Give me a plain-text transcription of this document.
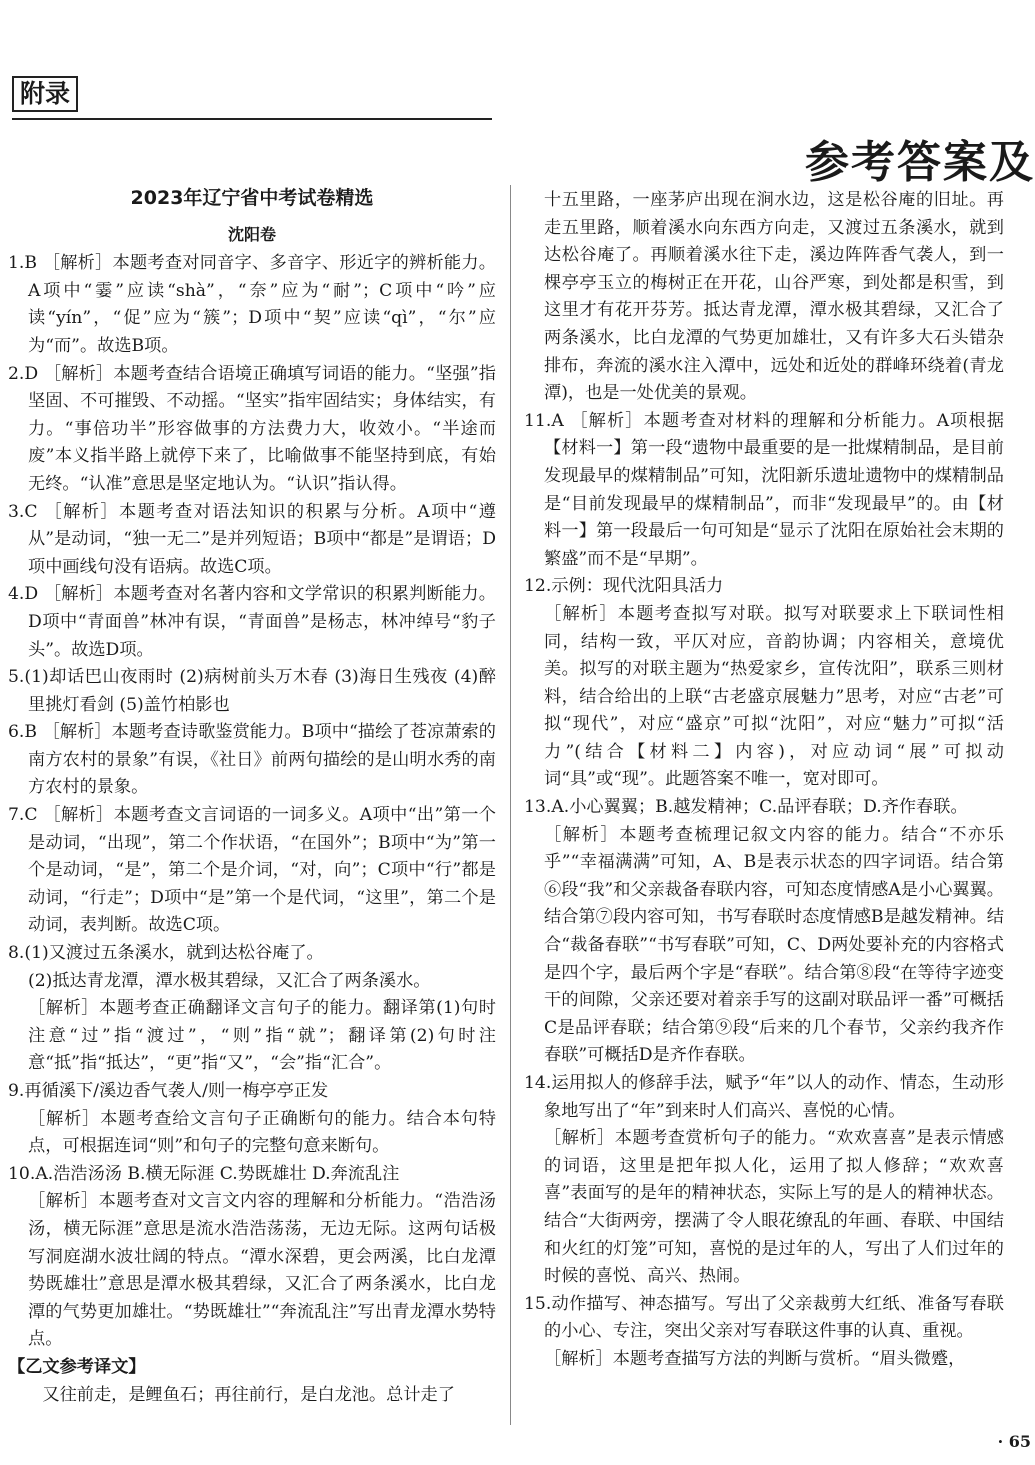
附录
参考答案及
2023年辽宁省中考试卷精选
沈阳卷

1.B ［解析］本题考查对同音字、多音字、形近字的辨析能力。A项中“霎”应读“shà”，“奈”应为“耐”；C项中“吟”应读“yín”，“促”应为“簇”；D项中“契”应读“qì”，“尔”应为“而”。故选B项。

2.D ［解析］本题考查结合语境正确填写词语的能力。“坚强”指坚固、不可摧毁、不动摇。“坚实”指牢固结实；身体结实，有力。“事倍功半”形容做事的方法费力大，收效小。“半途而废”本义指半路上就停下来了，比喻做事不能坚持到底，有始无终。“认准”意思是坚定地认为。“认识”指认得。

3.C ［解析］本题考查对语法知识的积累与分析。A项中“遵从”是动词，“独一无二”是并列短语；B项中“都是”是谓语；D项中画线句没有语病。故选C项。

4.D ［解析］本题考查对名著内容和文学常识的积累判断能力。D项中“青面兽”林冲有误，“青面兽”是杨志，林冲绰号“豹子头”。故选D项。

5.(1)却话巴山夜雨时 (2)病树前头万木春 (3)海日生残夜 (4)醉里挑灯看剑 (5)盖竹柏影也

6.B ［解析］本题考查诗歌鉴赏能力。B项中“描绘了苍凉萧索的南方农村的景象”有误，《社日》前两句描绘的是山明水秀的南方农村的景象。

7.C ［解析］本题考查文言词语的一词多义。A项中“出”第一个是动词，“出现”，第二个作状语，“在国外”；B项中“为”第一个是动词，“是”，第二个是介词，“对，向”；C项中“行”都是动词，“行走”；D项中“是”第一个是代词，“这里”，第二个是动词，表判断。故选C项。

8.(1)又渡过五条溪水，就到达松谷庵了。

(2)抵达青龙潭，潭水极其碧绿，又汇合了两条溪水。

［解析］本题考查正确翻译文言句子的能力。翻译第(1)句时注意“过”指“渡过”，“则”指“就”；翻译第(2)句时注意“抵”指“抵达”，“更”指“又”，“会”指“汇合”。

9.再循溪下/溪边香气袭人/则一梅亭亭正发

［解析］本题考查给文言句子正确断句的能力。结合本句特点，可根据连词“则”和句子的完整句意来断句。

10.A.浩浩汤汤 B.横无际涯 C.势既雄壮 D.奔流乱注

［解析］本题考查对文言文内容的理解和分析能力。“浩浩汤汤，横无际涯”意思是流水浩浩荡荡，无边无际。这两句话极写洞庭湖水波壮阔的特点。“潭水深碧，更会两溪，比白龙潭势既雄壮”意思是潭水极其碧绿，又汇合了两条溪水，比白龙潭的气势更加雄壮。“势既雄壮”“奔流乱注”写出青龙潭水势特点。

【乙文参考译文】

又往前走，是鲤鱼石；再往前行，是白龙池。总计走了

十五里路，一座茅庐出现在涧水边，这是松谷庵的旧址。再走五里路，顺着溪水向东西方向走，又渡过五条溪水，就到达松谷庵了。再顺着溪水往下走，溪边阵阵香气袭人，到一棵亭亭玉立的梅树正在开花，山谷严寒，到处都是积雪，到这里才有花开芬芳。抵达青龙潭，潭水极其碧绿，又汇合了两条溪水，比白龙潭的气势更加雄壮，又有许多大石头错杂排布，奔流的溪水注入潭中，远处和近处的群峰环绕着(青龙潭)，也是一处优美的景观。

11.A ［解析］本题考查对材料的理解和分析能力。A项根据【材料一】第一段“遗物中最重要的是一批煤精制品，是目前发现最早的煤精制品”可知，沈阳新乐遗址遗物中的煤精制品是“目前发现最早的煤精制品”，而非“发现最早”的。由【材料一】第一段最后一句可知是“显示了沈阳在原始社会末期的繁盛”而不是“早期”。

12.示例：现代沈阳具活力

［解析］本题考查拟写对联。拟写对联要求上下联词性相同，结构一致，平仄对应，音韵协调；内容相关，意境优美。拟写的对联主题为“热爱家乡，宣传沈阳”，联系三则材料，结合给出的上联“古老盛京展魅力”思考，对应“古老”可拟“现代”，对应“盛京”可拟“沈阳”，对应“魅力”可拟“活力”(结合【材料二】内容)，对应动词“展”可拟动词“具”或“现”。此题答案不唯一，宽对即可。

13.A.小心翼翼；B.越发精神；C.品评春联；D.齐作春联。

［解析］本题考查梳理记叙文内容的能力。结合“不亦乐乎”“幸福满满”可知，A、B是表示状态的四字词语。结合第⑥段“我”和父亲裁备春联内容，可知态度情感A是小心翼翼。结合第⑦段内容可知，书写春联时态度情感B是越发精神。结合“裁备春联”“书写春联”可知，C、D两处要补充的内容格式是四个字，最后两个字是“春联”。结合第⑧段“在等待字迹变干的间隙，父亲还要对着亲手写的这副对联品评一番”可概括C是品评春联；结合第⑨段“后来的几个春节，父亲约我齐作春联”可概括D是齐作春联。

14.运用拟人的修辞手法，赋予“年”以人的动作、情态，生动形象地写出了“年”到来时人们高兴、喜悦的心情。

［解析］本题考查赏析句子的能力。“欢欢喜喜”是表示情感的词语，这里是把年拟人化，运用了拟人修辞；“欢欢喜喜”表面写的是年的精神状态，实际上写的是人的精神状态。结合“大街两旁，摆满了令人眼花缭乱的年画、春联、中国结和火红的灯笼”可知，喜悦的是过年的人，写出了人们过年的时候的喜悦、高兴、热闹。

15.动作描写、神态描写。写出了父亲裁剪大红纸、准备写春联的小心、专注，突出父亲对写春联这件事的认真、重视。

［解析］本题考查描写方法的判断与赏析。“眉头微蹙，

· 65
